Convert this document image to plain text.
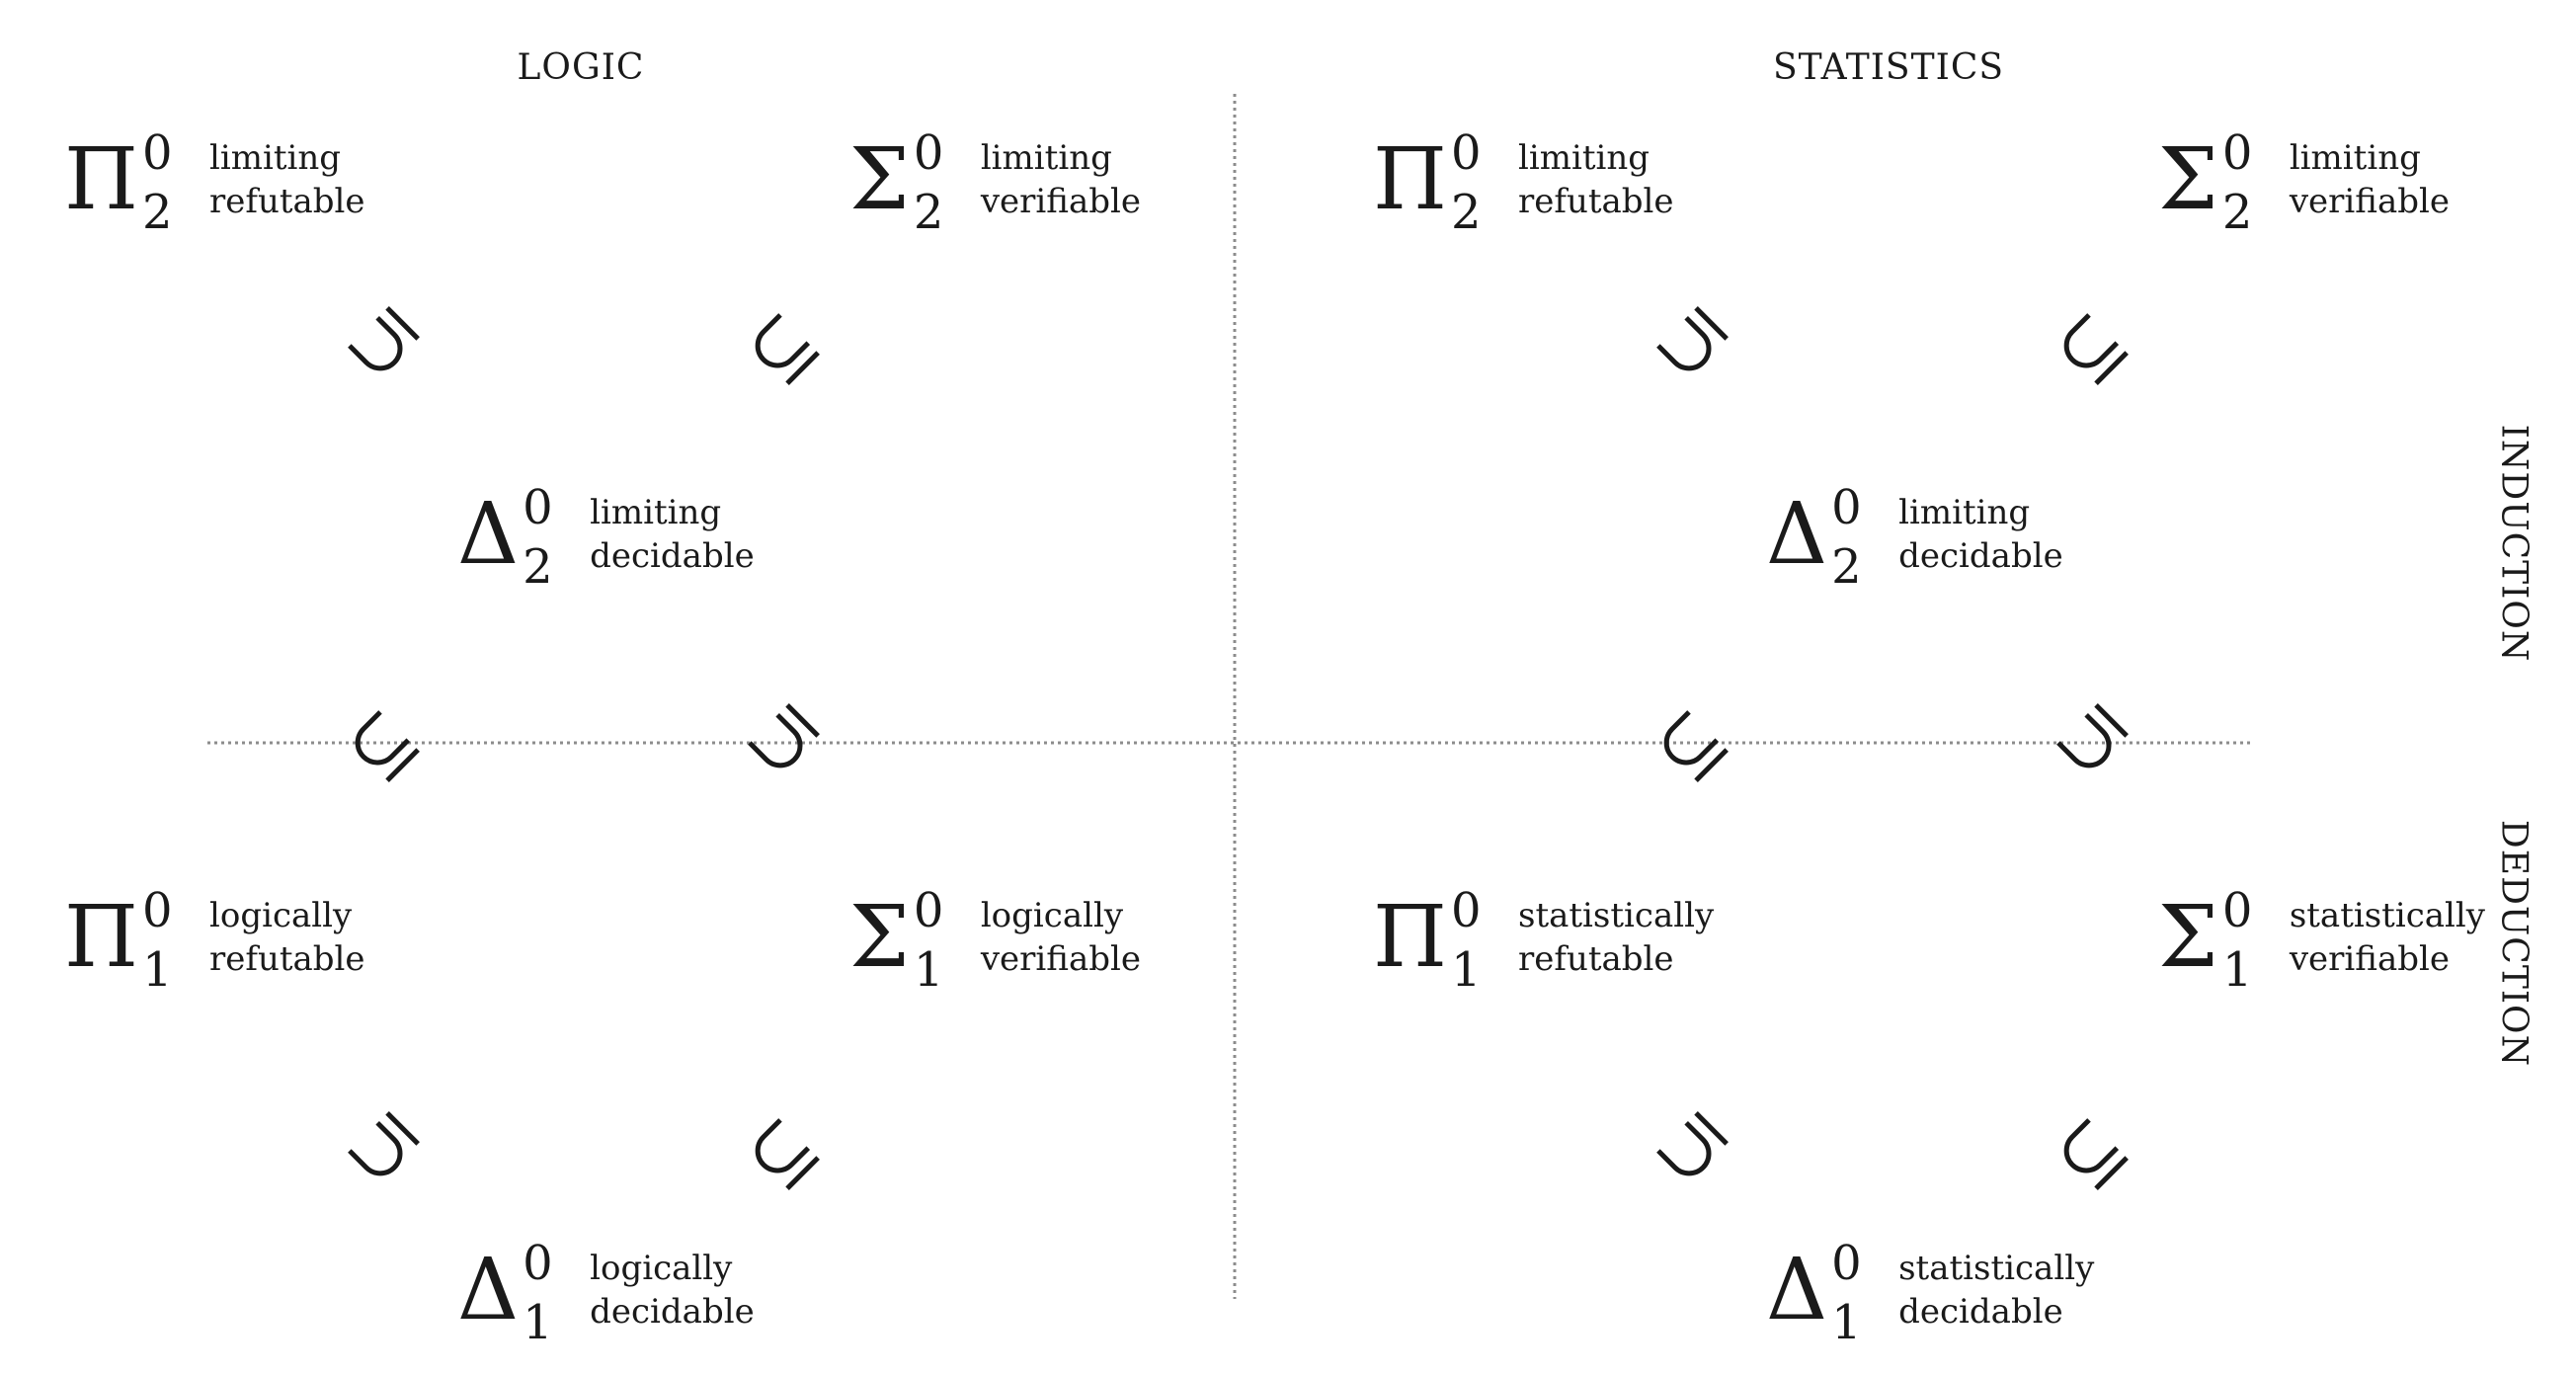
LOGIC	STATISTICS
INDUCTION
DEDUCTION
Π 0
2
limiting
refutable	Σ 0
2
limiting
verifiable
Δ 0
2
limiting
decidable
Π 0
1
logically
refutable	Σ 0
1
logically
verifiable
Δ 0
1
logically
decidable
Π 0
2
limiting
refutable	Σ 0
2
limiting
verifiable
Δ 0
2
limiting
decidable
Π 0
1
statistically
refutable	Σ 0
1
statistically
verifiable
Δ 0
1
statistically
decidable
